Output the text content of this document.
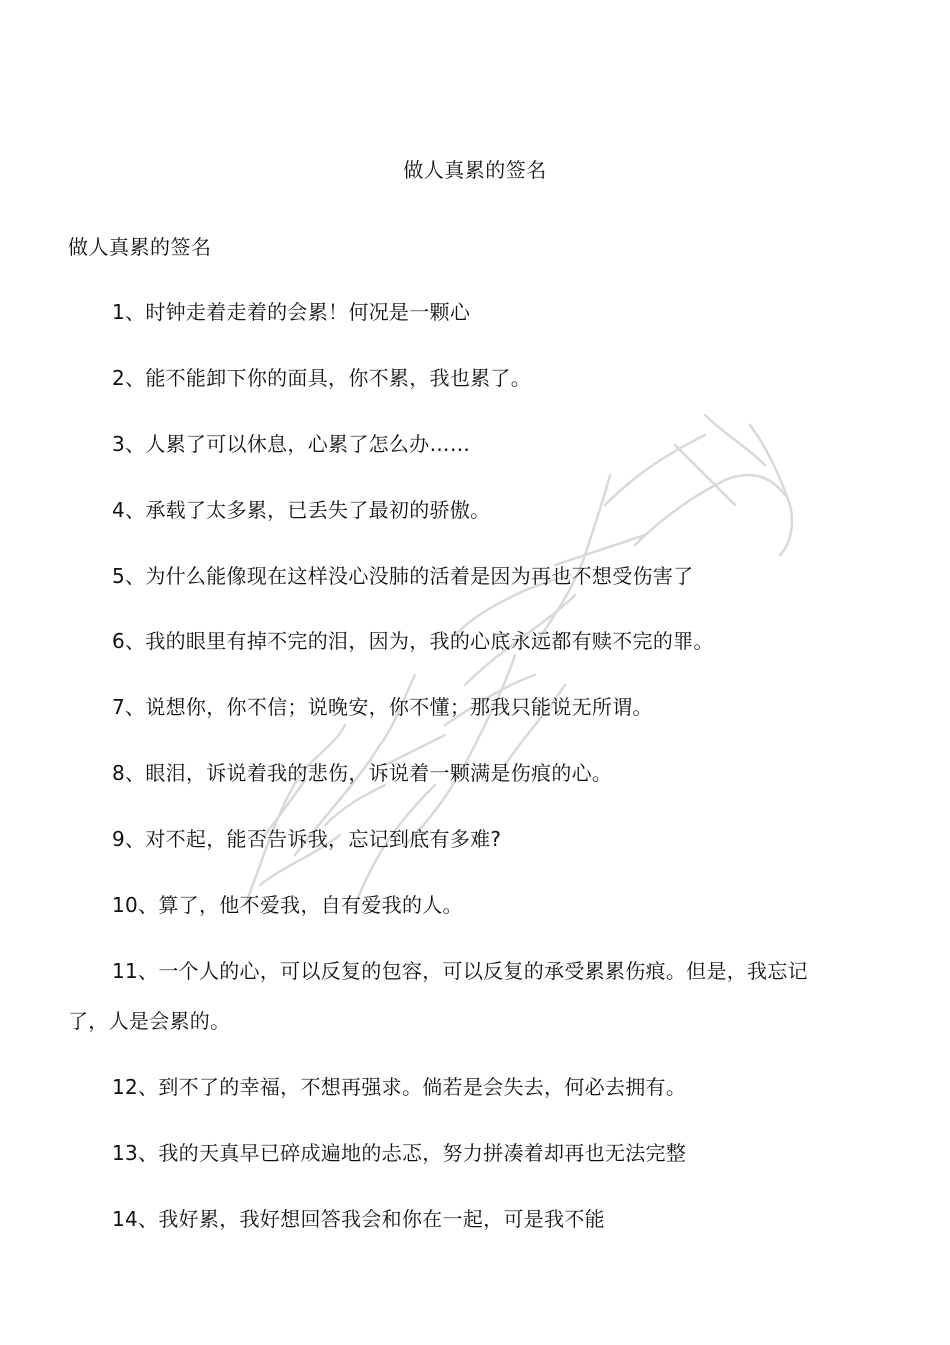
做人真累的签名
做人真累的签名
1、时钟走着走着的会累！何况是一颗心
2、能不能卸下你的面具，你不累，我也累了。
3、人累了可以休息，心累了怎么办……
4、承载了太多累，已丢失了最初的骄傲。
5、为什么能像现在这样没心没肺的活着是因为再也不想受伤害了
6、我的眼里有掉不完的泪，因为，我的心底永远都有赎不完的罪。
7、说想你，你不信；说晚安，你不懂；那我只能说无所谓。
8、眼泪，诉说着我的悲伤，诉说着一颗满是伤痕的心。
9、对不起，能否告诉我，忘记到底有多难?
10、算了，他不爱我，自有爱我的人。
11、一个人的心，可以反复的包容，可以反复的承受累累伤痕。但是，我忘记
了，人是会累的。
12、到不了的幸福，不想再强求。倘若是会失去，何必去拥有。
13、我的天真早已碎成遍地的忐忑，努力拼凑着却再也无法完整
14、我好累，我好想回答我会和你在一起，可是我不能
